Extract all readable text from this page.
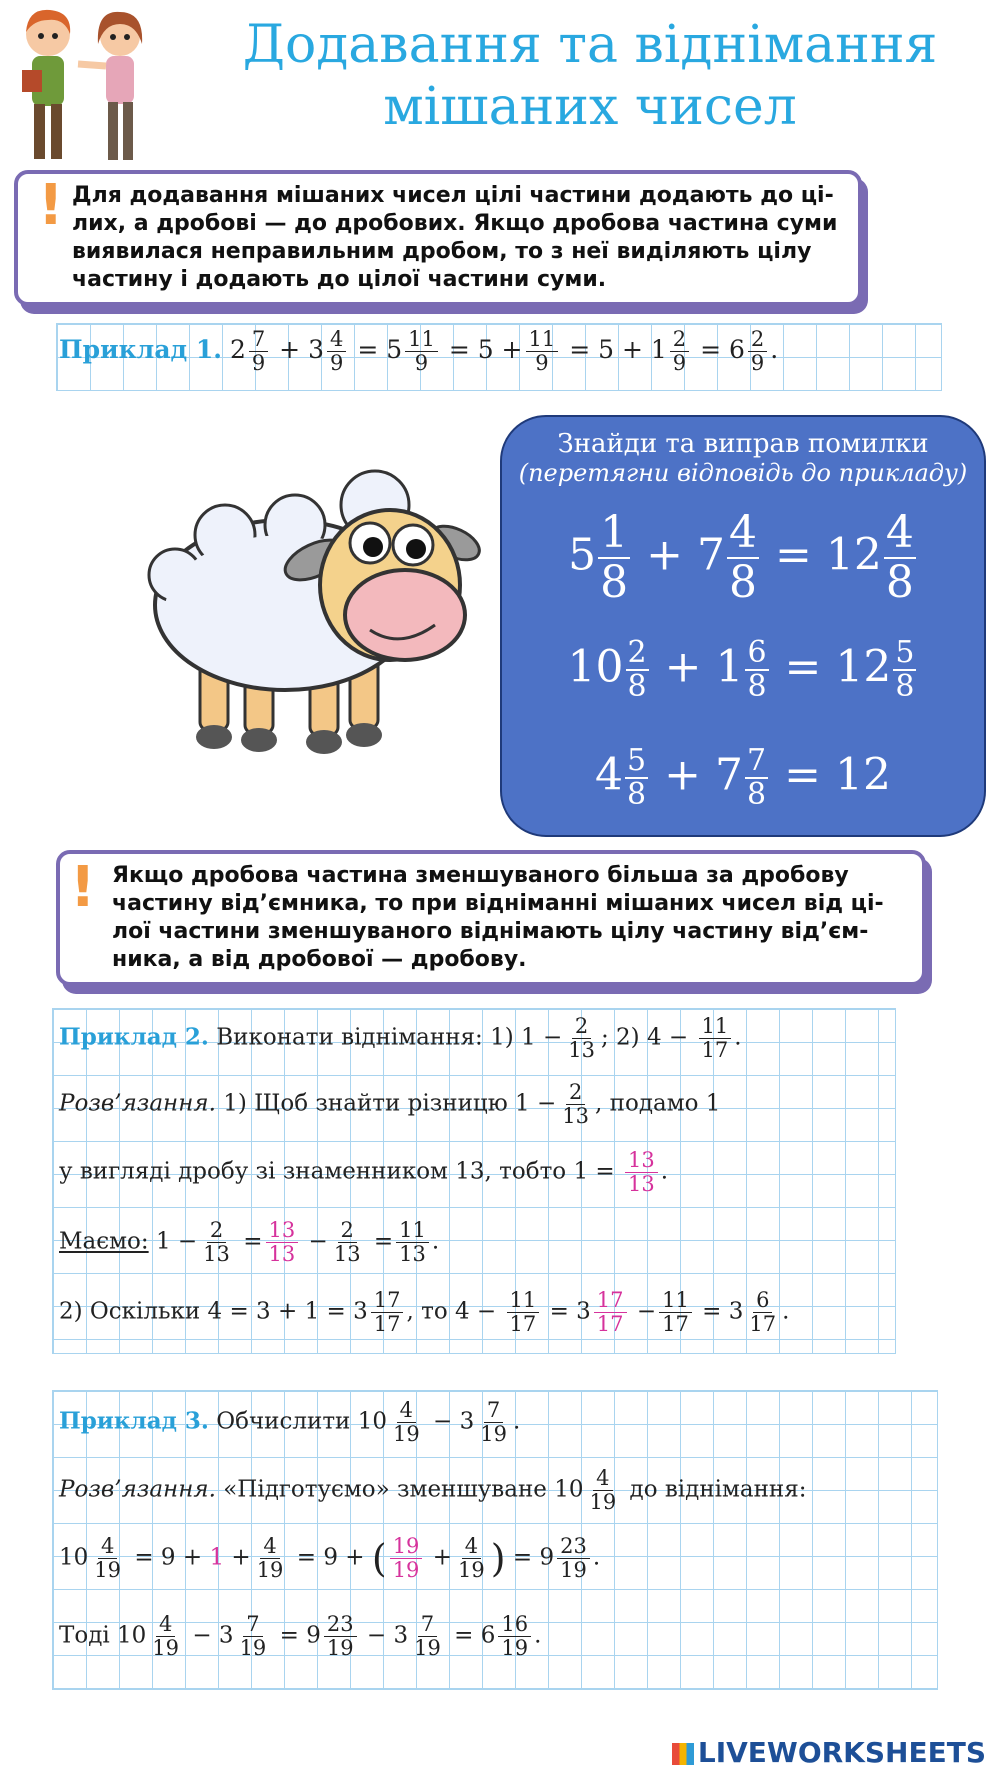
Додавання та віднімання
мішаних чисел
! Для додавання мішаних чисел цілі частини додають до ці-
лих, а дробові — до дробових. Якщо дробова частина суми
виявилася неправильним дробом, то з неї виділяють цілу
частину і додають до цілої частини суми.
Приклад 1. $2 \frac{7}{9} + 3 \frac{4}{9} = 5 \frac{11}{9} = 5 + \frac{11}{9} = 5 + 1 \frac{2}{9} = 6 \frac{2}{9}$ .
Знайди та виправ помилки
(перетягни відповідь до прикладу)
$5 \frac{1}{8} + 7 \frac{4}{8} = 12 \frac{4}{8}$
$10 \frac{2}{8} + 1 \frac{6}{8} = 12 \frac{5}{8}$
$4 \frac{5}{8} + 7 \frac{7}{8} = 12$
! Якщо дробова частина зменшуваного більша за дробову
частину від’ємника, то при відніманні мішаних чисел від ці-
лої частини зменшуваного віднімають цілу частину від’єм-
ника, а від дробової — дробову.
Приклад 2. Виконати віднімання: 1) $1 - \frac{2}{13}$ ; 2) $4 - \frac{11}{17}$ .
Розв’язання. 1) Щоб знайти різницю $1 - \frac{2}{13}$ , подамо 1
у вигляді дробу зі знаменником 13, тобто $1 = \frac{13}{13}$ .
Маємо: $1 - \frac{2}{13} = \frac{13}{13} - \frac{2}{13} = \frac{11}{13}$ .
2) Оскільки $4 = 3 + 1 = 3 \frac{17}{17}$ , то $4 - \frac{11}{17} = 3 \frac{17}{17} - \frac{11}{17} = 3 \frac{6}{17}$ .
Приклад 3. Обчислити $10 \frac{4}{19} - 3 \frac{7}{19}$ .
Розв’язання. «Підготуємо» зменшуване $10 \frac{4}{19}$ до віднімання:
$10 \frac{4}{19} = 9 + 1 + \frac{4}{19} = 9$ + ( $\frac{19}{19} + \frac{4}{19}$ ) = $9 \frac{23}{19}$ .
Тоді $10 \frac{4}{19} - 3 \frac{7}{19} = 9 \frac{23}{19} - 3 \frac{7}{19} = 6 \frac{16}{19}$ .
LIVEWORKSHEETS
